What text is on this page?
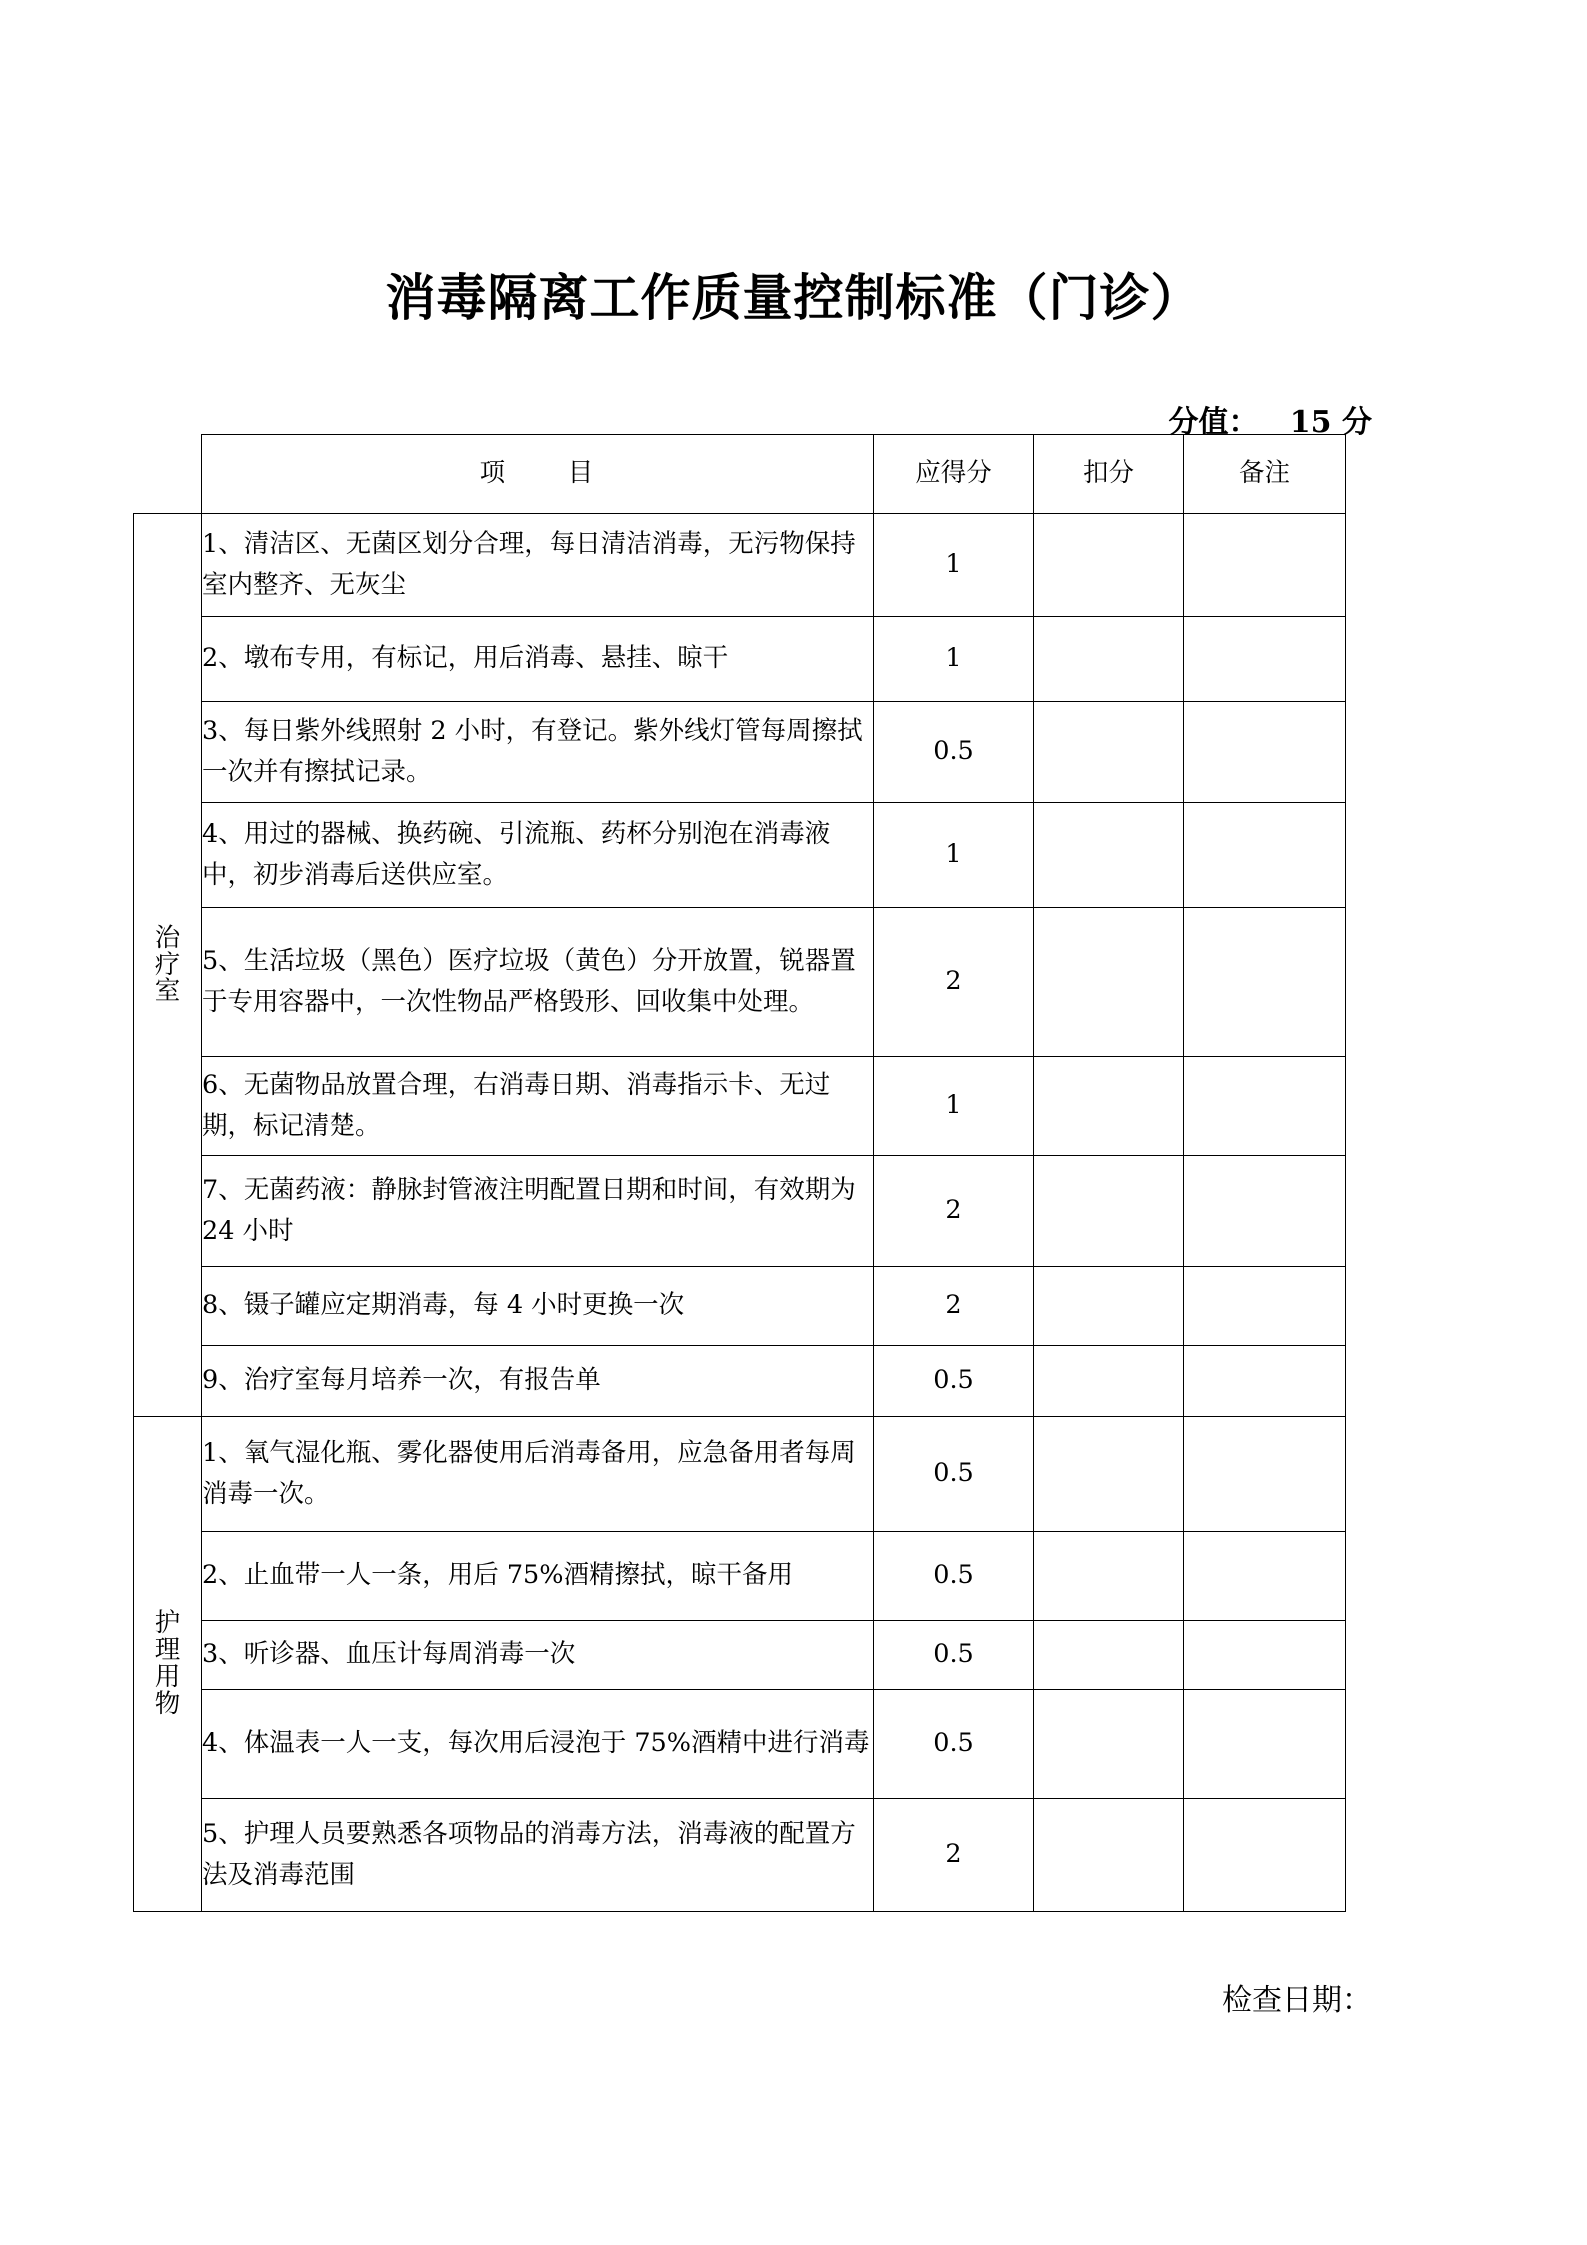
消毒隔离工作质量控制标准（门诊）

分值： 15 分

	项      目	应得分	扣分	备注

治
疗
室	1、清洁区、无菌区划分合理，每日清洁消毒，无污物保持室内整齐、无灰尘	1		
	2、墩布专用，有标记，用后消毒、悬挂、晾干	1		
	3、每日紫外线照射 2 小时，有登记。紫外线灯管每周擦拭一次并有擦拭记录。	0.5		
	4、用过的器械、换药碗、引流瓶、药杯分别泡在消毒液中，初步消毒后送供应室。	1		
	5、生活垃圾（黑色）医疗垃圾（黄色）分开放置，锐器置于专用容器中，一次性物品严格毁形、回收集中处理。	2		
	6、无菌物品放置合理，右消毒日期、消毒指示卡、无过期，标记清楚。	1		
	7、无菌药液：静脉封管液注明配置日期和时间，有效期为 24 小时	2		
	8、镊子罐应定期消毒，每 4 小时更换一次	2		
	9、治疗室每月培养一次，有报告单	0.5		

护
理
用
物	1、氧气湿化瓶、雾化器使用后消毒备用，应急备用者每周消毒一次。	0.5		
	2、止血带一人一条，用后 75%酒精擦拭，晾干备用	0.5		
	3、听诊器、血压计每周消毒一次	0.5		
	4、体温表一人一支，每次用后浸泡于 75%酒精中进行消毒	0.5		
	5、护理人员要熟悉各项物品的消毒方法，消毒液的配置方法及消毒范围	2		
检查日期：
